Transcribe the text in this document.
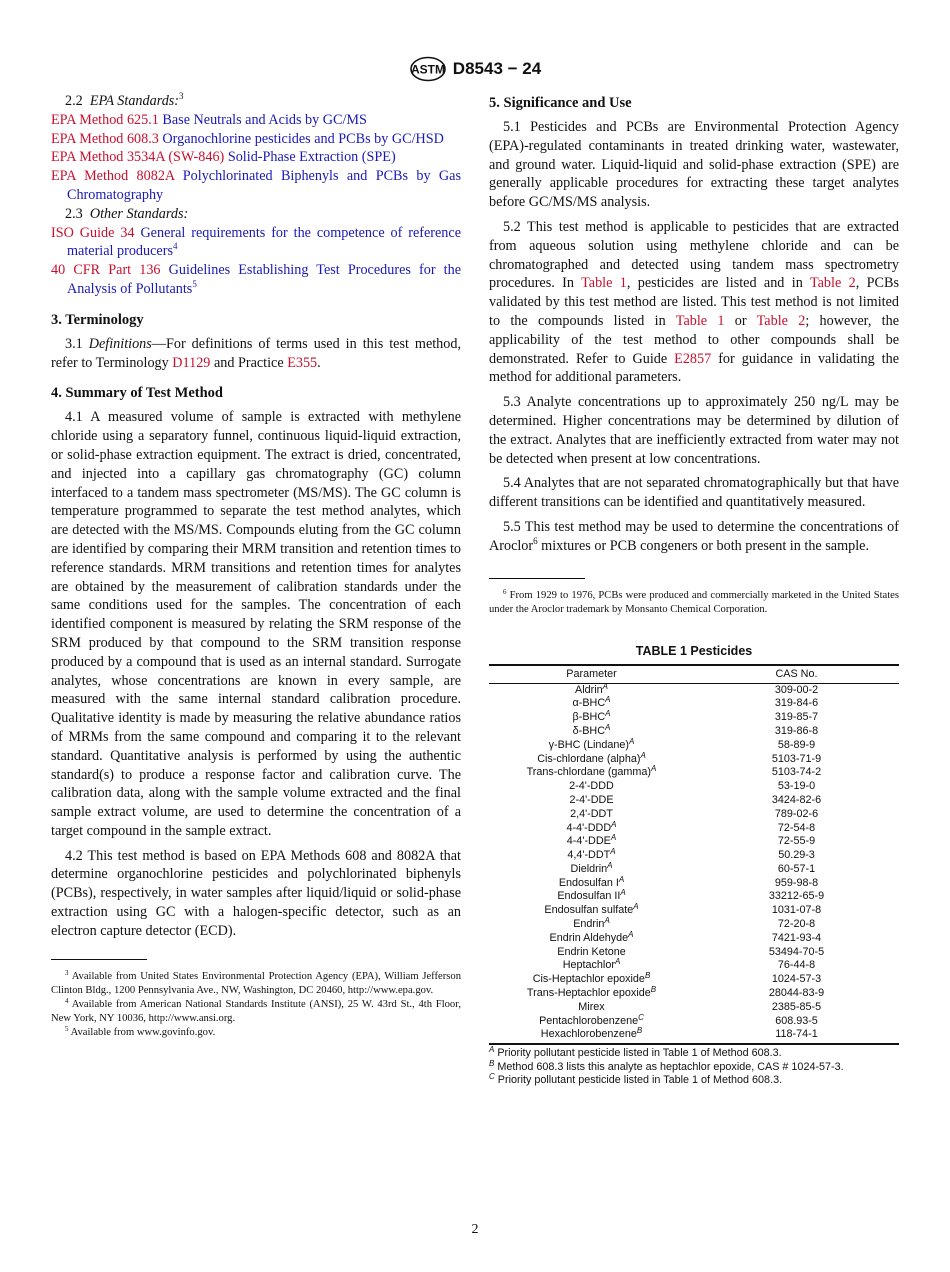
ASTM D8543 − 24

2.2 EPA Standards:$^3$

EPA Method 625.1 Base Neutrals and Acids by GC/MS

EPA Method 608.3 Organochlorine pesticides and PCBs by GC/HSD

EPA Method 3534A (SW-846) Solid-Phase Extraction (SPE)

EPA Method 8082A Polychlorinated Biphenyls and PCBs by Gas Chromatography

2.3 Other Standards:

ISO Guide 34 General requirements for the competence of reference material producers$^4$

40 CFR Part 136 Guidelines Establishing Test Procedures for the Analysis of Pollutants$^5$

3. Terminology

3.1 Definitions—For definitions of terms used in this test method, refer to Terminology D1129 and Practice E355.

4. Summary of Test Method

4.1 A measured volume of sample is extracted with methylene chloride using a separatory funnel, continuous liquid-liquid extraction, or solid-phase extraction equipment. The extract is dried, concentrated, and injected into a capillary gas chromatography (GC) column interfaced to a tandem mass spectrometer (MS/MS). The GC column is temperature programmed to separate the test method analytes, which are detected with the MS/MS. Compounds eluting from the GC column are identified by comparing their MRM transition and retention times to reference standards. MRM transitions and retention times for analytes are obtained by the measurement of calibration standards under the same conditions used for the samples. The concentration of each identified component is measured by relating the SRM response of the SRM produced by that compound to the SRM transition response produced by a compound that is used as an internal standard. Surrogate analytes, whose concentrations are known in every sample, are measured with the same internal standard calibration procedure. Qualitative identity is made by measuring the relative abundance ratios of MRMs from the same compound and comparing it to the relevant standard. Quantitative analysis is performed by using the authentic standard(s) to produce a response factor and calibration curve. The calibration data, along with the sample volume extracted and the final sample extract volume, are used to determine the concentration of a target compound in the sample extract.

4.2 This test method is based on EPA Methods 608 and 8082A that determine organochlorine pesticides and polychlorinated biphenyls (PCBs), respectively, in water samples after liquid/liquid or solid-phase extraction using GC with a halogen-specific detector, such as an electron capture detector (ECD).

$^3$ Available from United States Environmental Protection Agency (EPA), William Jefferson Clinton Bldg., 1200 Pennsylvania Ave., NW, Washington, DC 20460, http://www.epa.gov.

$^4$ Available from American National Standards Institute (ANSI), 25 W. 43rd St., 4th Floor, New York, NY 10036, http://www.ansi.org.

$^5$ Available from www.govinfo.gov.

5. Significance and Use

5.1 Pesticides and PCBs are Environmental Protection Agency (EPA)-regulated contaminants in treated drinking water, wastewater, and ground water. Liquid-liquid and solid-phase extraction (SPE) are generally applicable procedures for extracting these target analytes before GC/MS/MS analysis.

5.2 This test method is applicable to pesticides that are extracted from aqueous solution using methylene chloride and can be chromatographed and detected using tandem mass spectrometry procedures. In Table 1, pesticides are listed and in Table 2, PCBs validated by this test method are listed. This test method is not limited to the compounds listed in Table 1 or Table 2; however, the applicability of the test method to other compounds shall be demonstrated. Refer to Guide E2857 for guidance in validating the method for additional parameters.

5.3 Analyte concentrations up to approximately 250 ng/L may be determined. Higher concentrations may be determined by dilution of the extract. Analytes that are inefficiently extracted from water may not be detected when present at low concentrations.

5.4 Analytes that are not separated chromatographically but that have different transitions can be identified and quantitatively measured.

5.5 This test method may be used to determine the concentrations of Aroclor$^6$ mixtures or PCB congeners or both present in the sample.

$^6$ From 1929 to 1976, PCBs were produced and commercially marketed in the United States under the Aroclor trademark by Monsanto Chemical Corporation.

TABLE 1 Pesticides
Parameter	CAS No.
Aldrin$^A$	309-00-2
$\alpha-BHC^A$	319-84-6
$\beta-BHC^A$	319-85-7
$\delta-BHC^A$	319-86-8
γ-BHC (Lindane)$^A$	58-89-9
Cis-chlordane (alpha)$^A$	5103-71-9
Trans-chlordane (gamma)$^A$	5103-74-2
2-4'-DDD	53-19-0
2-4'-DDE	3424-82-6
2,4'-DDT	789-02-6
$4-4'-DDD^A$	72-54-8
$4-4'-DDE^A$	72-55-9
$4,4'-DDT^A$	50.29-3
Dieldrin$^A$	60-57-1
Endosulfan $I^A$	959-98-8
Endosulfan $II^A$	33212-65-9
Endosulfan sulfate$^A$	1031-07-8
Endrin$^A$	72-20-8
Endrin Aldehyde$^A$	7421-93-4
Endrin Ketone	53494-70-5
Heptachlor$^A$	76-44-8
Cis-Heptachlor epoxide$^B$	1024-57-3
Trans-Heptachlor epoxide$^B$	28044-83-9
Mirex	2385-85-5
Pentachlorobenzene$^C$	608.93-5
Hexachlorobenzene$^B$	118-74-1

$^A$ Priority pollutant pesticide listed in Table 1 of Method 608.3.

$^B$ Method 608.3 lists this analyte as heptachlor epoxide, CAS # 1024-57-3.

$^C$ Priority pollutant pesticide listed in Table 1 of Method 608.3.

2
